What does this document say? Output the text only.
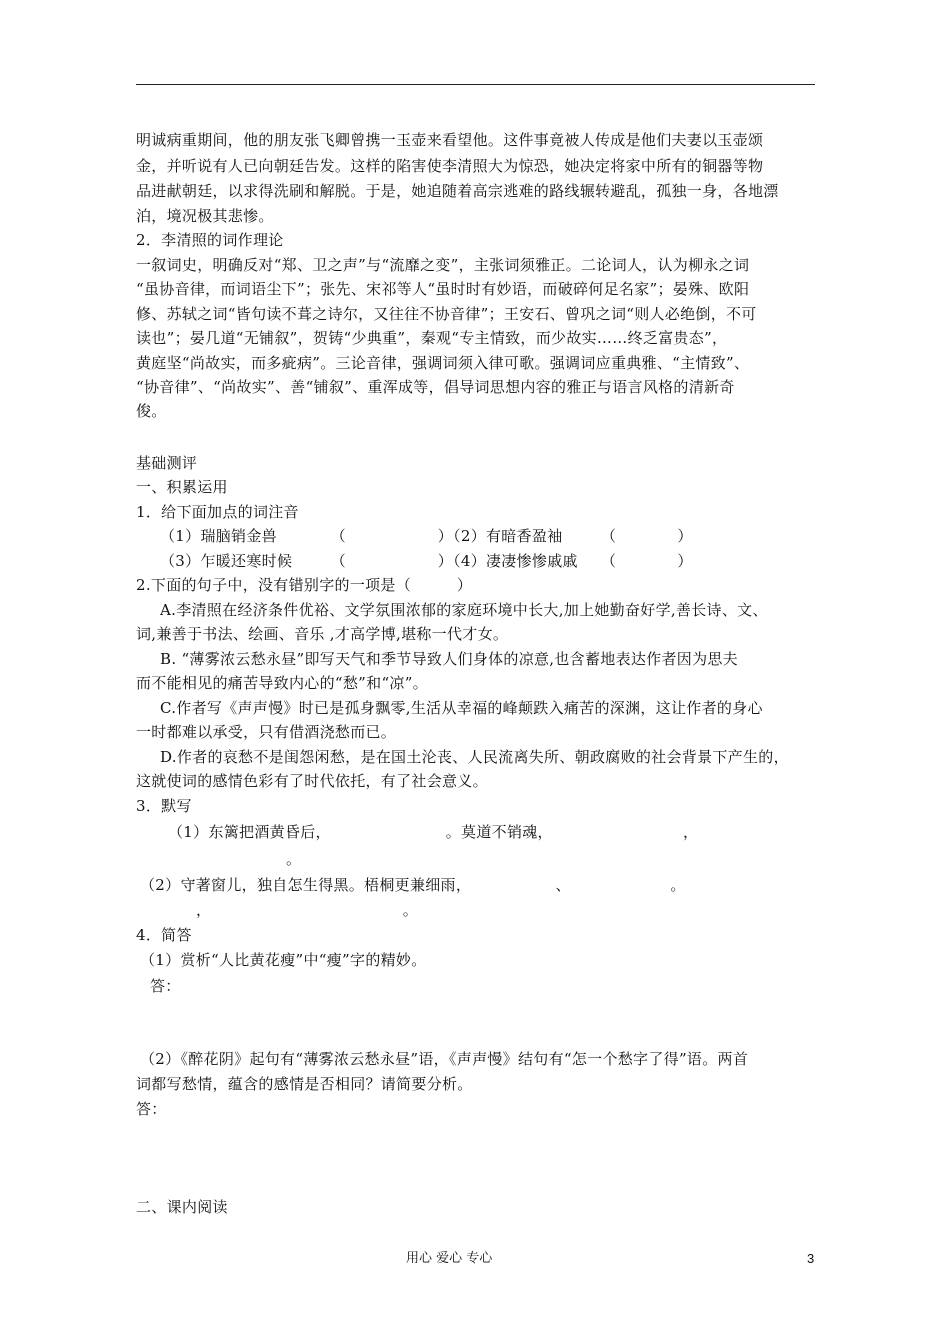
明诚病重期间，他的朋友张飞卿曾携一玉壶来看望他。这件事竟被人传成是他们夫妻以玉壶颂
金，并听说有人已向朝廷告发。这样的陷害使李清照大为惊恐，她决定将家中所有的铜器等物
品进献朝廷，以求得洗刷和解脱。于是，她追随着高宗逃难的路线辗转避乱，孤独一身，各地漂
泊，境况极其悲惨。
2．李清照的词作理论
一叙词史，明确反对“郑、卫之声”与“流靡之变”，主张词须雅正。二论词人，认为柳永之词
“虽协音律，而词语尘下”；张先、宋祁等人“虽时时有妙语，而破碎何足名家”；晏殊、欧阳
修、苏轼之词“皆句读不葺之诗尔，又往往不协音律”；王安石、曾巩之词“则人必绝倒，不可
读也”；晏几道“无铺叙”，贺铸“少典重”，秦观“专主情致，而少故实……终乏富贵态”，
黄庭坚“尚故实，而多疵病”。三论音律，强调词须入律可歌。强调词应重典雅、“主情致”、
“协音律”、“尚故实”、善“铺叙”、重浑成等，倡导词思想内容的雅正与语言风格的清新奇
俊。
基础测评
一、积累运用
1．给下面加点的词注音
（1）瑞脑销金兽　　　　（　　　　　　）（2）有暗香盈袖　　　（　　　　）
（3）乍暖还寒时候　　　（　　　　　　）（4）凄凄惨惨戚戚　　（　　　　）
2.下面的句子中，没有错别字的一项是（　　　）
A.李清照在经济条件优裕、文学氛围浓郁的家庭环境中长大,加上她勤奋好学,善长诗、文、
词,兼善于书法、绘画、音乐 ,才高学博,堪称一代才女。
B. “薄雾浓云愁永昼”即写天气和季节导致人们身体的凉意,也含蓄地表达作者因为思夫
而不能相见的痛苦导致内心的“愁”和“凉”。
C.作者写《声声慢》时已是孤身飘零,生活从幸福的峰颠跌入痛苦的深渊，这让作者的身心
一时都难以承受，只有借酒浇愁而已。
D.作者的哀愁不是闺怨闲愁，是在国土沦丧、人民流离失所、朝政腐败的社会背景下产生的，
这就使词的感情色彩有了时代依托，有了社会意义。
3．默写
（1）东篱把酒黄昏后，　　　　　　　　。莫道不销魂，　　　　　　　　　，
。
（2）守著窗儿，独自怎生得黑。梧桐更兼细雨，　　　　　　、　　　　　　　。
，　　　　　　　　　　　　　。
4．简答
（1）赏析“人比黄花瘦”中“瘦”字的精妙。
答：
（2）《醉花阴》起句有“薄雾浓云愁永昼”语，《声声慢》结句有“怎一个愁字了得”语。两首
词都写愁情，蕴含的感情是否相同？请简要分析。
答：
二、课内阅读
用心 爱心 专心	3
